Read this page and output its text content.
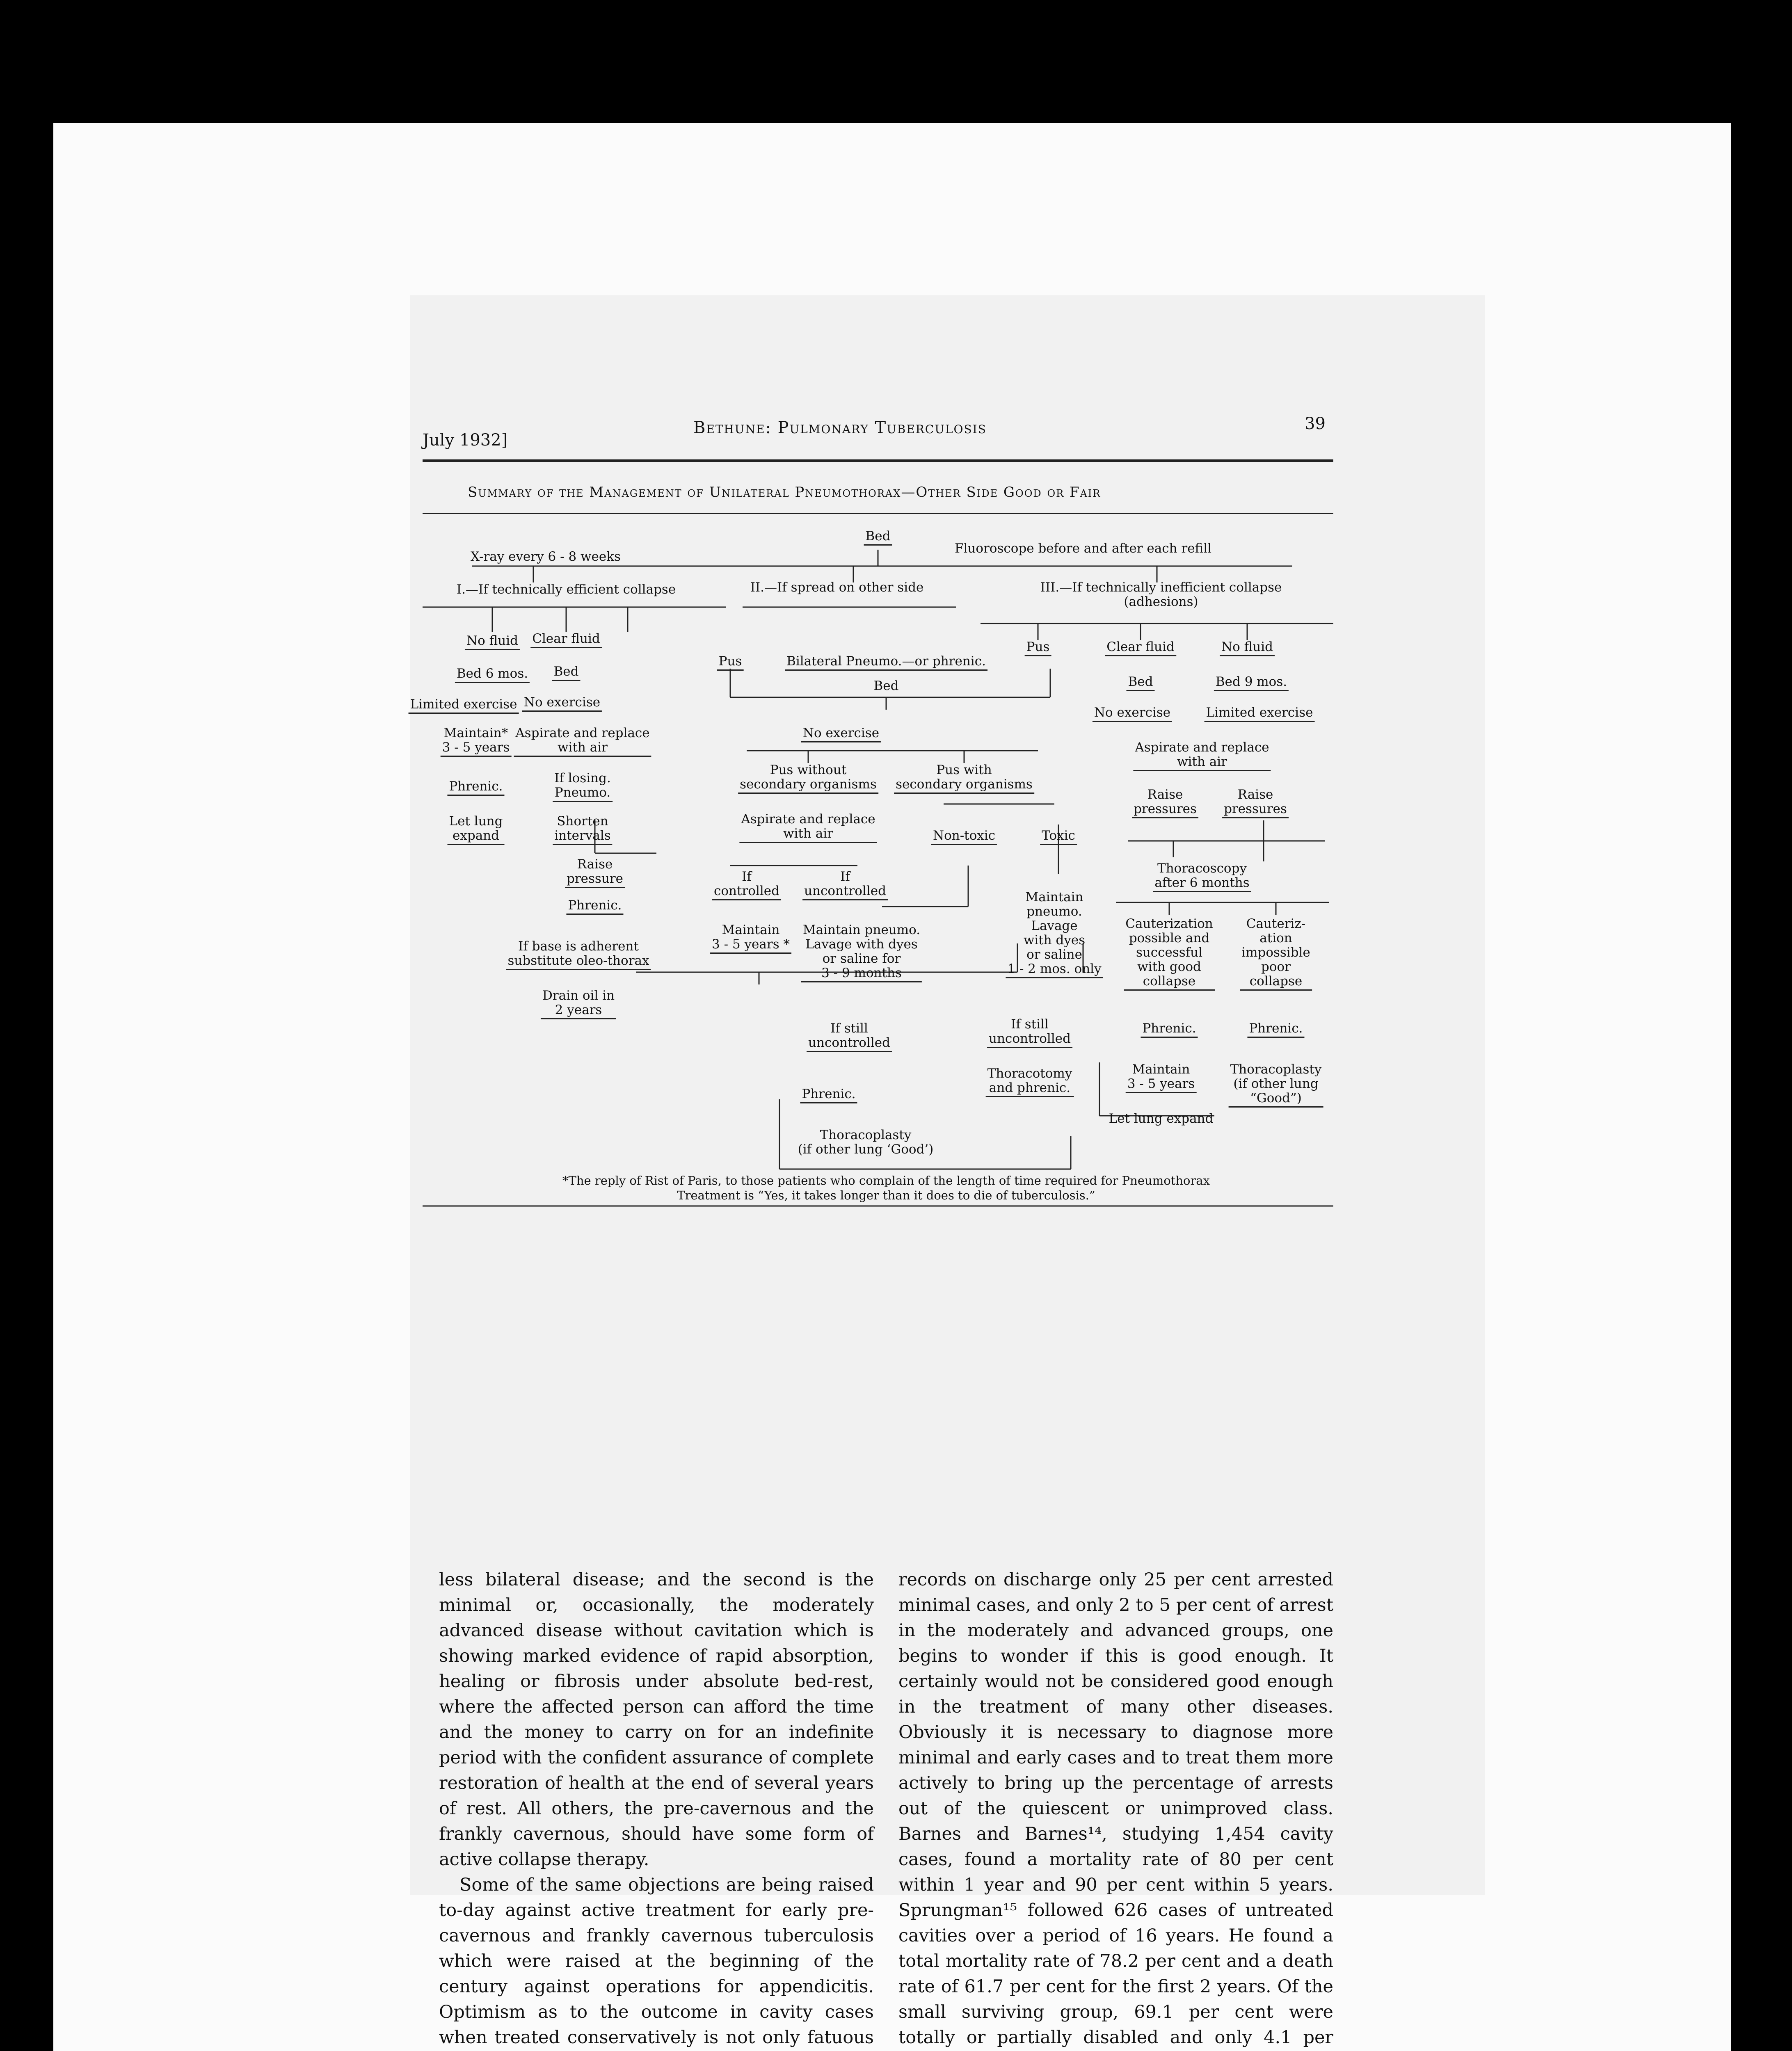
July 1932]
Bethune: Pulmonary Tuberculosis	39
Summary of the Management of Unilateral Pneumothorax—Other Side Good or Fair
Bed
X-ray every 6 - 8 weeks
Fluoroscope before and after each refill
I.—If technically efficient collapse	II.—If spread on other side	III.—If technically inefficient collapse
(adhesions)
No fluid Clear fluid
Bed 6 mos. Bed
Limited exercise No exercise
Maintain*
3 - 5 years
Aspirate and replace
with air
Phrenic.
If losing.
Pneumo.
Let lung
expand
Shorten
intervals
Raise
pressure
Phrenic.
If base is adherent
substitute oleo-thorax
Drain oil in
2 years
Pus	Bilateral Pneumo.—or phrenic.
Bed
No exercise
Pus without
secondary organisms
Pus with
secondary organisms
Aspirate and replace
with air	Non-toxic	Toxic
If
controlled
If
uncontrolled
Maintain
3 - 5 years *
Maintain pneumo.
Lavage with dyes
or saline for
3 - 9 months
Maintain
pneumo.
Lavage
with dyes
or saline
1 - 2 mos. only
If still
uncontrolled
If still
uncontrolled
Phrenic.
Thoracotomy
and phrenic.
Thoracoplasty
(if other lung ‘Good’)
Pus	Clear fluid	No fluid
Bed	Bed 9 mos.
No exercise	Limited exercise
Aspirate and replace
with air
Raise
pressures
Raise
pressures
Thoracoscopy
after 6 months
Cauterization
possible and
successful
with good
collapse
Cauteriz-
ation
impossible
poor
collapse
Phrenic.	Phrenic.
Maintain
3 - 5 years
Thoracoplasty
(if other lung
“Good”)
Let lung expand
*The reply of Rist of Paris, to those patients who complain of the length of time required for Pneumothorax
Treatment is “Yes, it takes longer than it does to die of tuberculosis.”

less bilateral disease; and the second is the minimal or, occasionally, the moderately advanced disease without cavitation which is showing marked evidence of rapid absorption, healing or fibrosis under absolute bed-rest, where the affected person can afford the time and the money to carry on for an indefinite period with the confident assurance of complete restoration of health at the end of several years of rest. All others, the pre-cavernous and the frankly cavernous, should have some form of active collapse therapy.

Some of the same objections are being raised to-day against active treatment for early pre-cavernous and frankly cavernous tuberculosis which were raised at the beginning of the century against operations for appendicitis. Optimism as to the outcome in cavity cases when treated conservatively is not only fatuous

records on discharge only 25 per cent arrested minimal cases, and only 2 to 5 per cent of arrest in the moderately and advanced groups, one begins to wonder if this is good enough. It certainly would not be considered good enough in the treatment of many other diseases. Obviously it is necessary to diagnose more minimal and early cases and to treat them more actively to bring up the percentage of arrests out of the quiescent or unimproved class. Barnes and Barnes¹⁴, studying 1,454 cavity cases, found a mortality rate of 80 per cent within 1 year and 90 per cent within 5 years. Sprungman¹⁵ followed 626 cases of untreated cavities over a period of 16 years. He found a total mortality rate of 78.2 per cent and a death rate of 61.7 per cent for the first 2 years. Of the small surviving group, 69.1 per cent were totally or partially disabled and only 4.1 per
